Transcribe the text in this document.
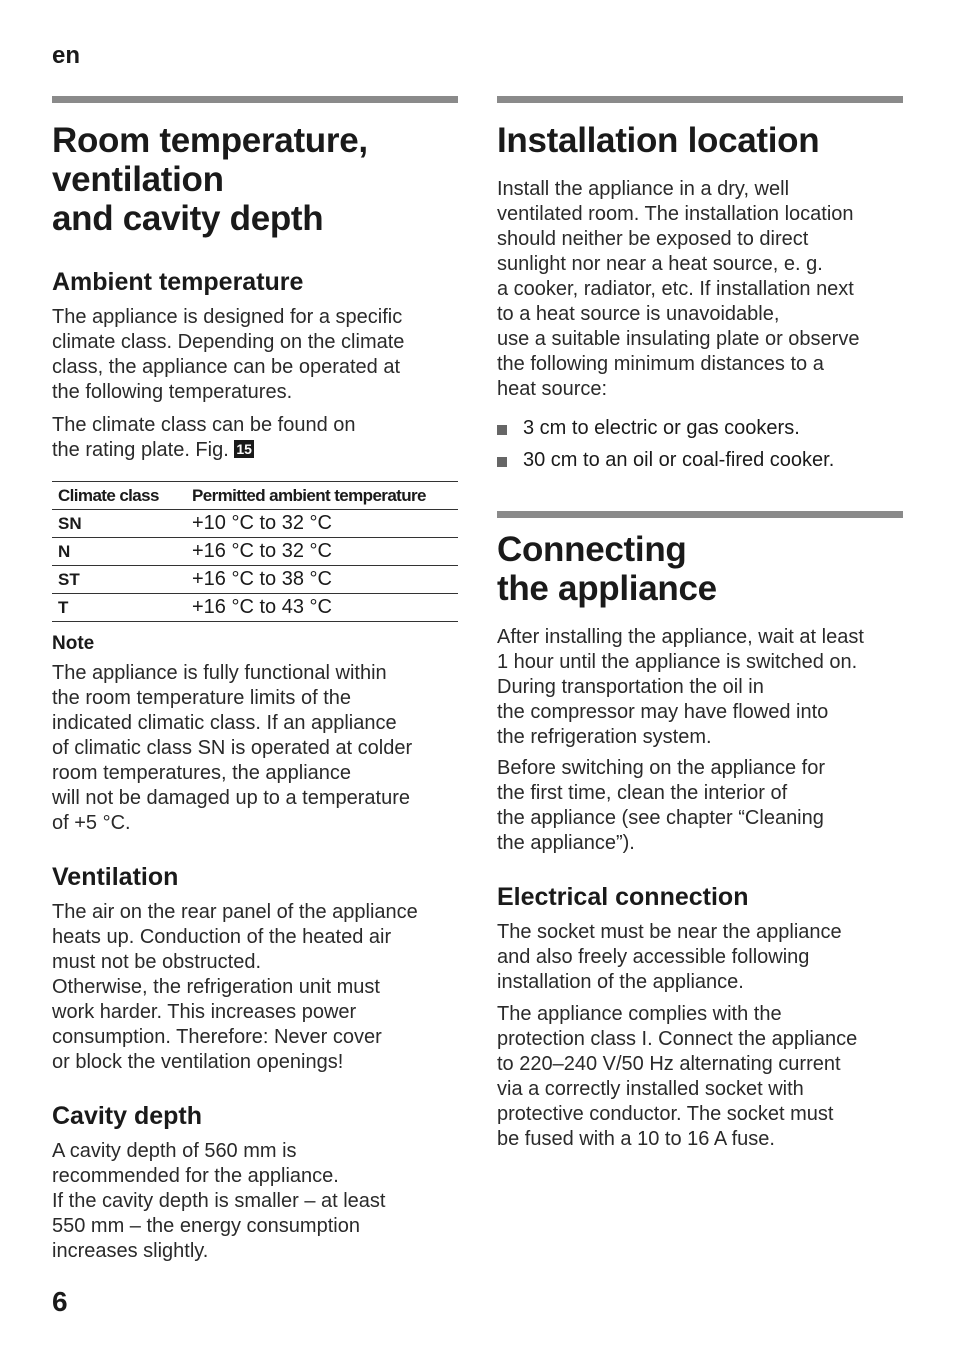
en
Room temperature,
ventilation
and cavity depth
Ambient temperature

The appliance is designed for a specific
climate class. Depending on the climate
class, the appliance can be operated at
the following temperatures.

The climate class can be found on
the rating plate. Fig. 15

Climate class	Permitted ambient temperature
SN	+10 °C to 32 °C
N	+16 °C to 32 °C
ST	+16 °C to 38 °C
T	+16 °C to 43 °C
Note

The appliance is fully functional within
the room temperature limits of the
indicated climatic class. If an appliance
of climatic class SN is operated at colder
room temperatures, the appliance
will not be damaged up to a temperature
of +5 °C.

Ventilation

The air on the rear panel of the appliance
heats up. Conduction of the heated air
must not be obstructed.
Otherwise, the refrigeration unit must
work harder. This increases power
consumption. Therefore: Never cover
or block the ventilation openings!

Cavity depth

A cavity depth of 560 mm is
recommended for the appliance.
If the cavity depth is smaller – at least
550 mm – the energy consumption
increases slightly.

Installation location

Install the appliance in a dry, well
ventilated room. The installation location
should neither be exposed to direct
sunlight nor near a heat source, e. g.
a cooker, radiator, etc. If installation next
to a heat source is unavoidable,
use a suitable insulating plate or observe
the following minimum distances to a
heat source:

3 cm to electric or gas cookers.
30 cm to an oil or coal-fired cooker.
Connecting
the appliance

After installing the appliance, wait at least
1 hour until the appliance is switched on.
During transportation the oil in
the compressor may have flowed into
the refrigeration system.

Before switching on the appliance for
the first time, clean the interior of
the appliance (see chapter “Cleaning
the appliance”).

Electrical connection

The socket must be near the appliance
and also freely accessible following
installation of the appliance.

The appliance complies with the
protection class I. Connect the appliance
to 220–240 V/50 Hz alternating current
via a correctly installed socket with
protective conductor. The socket must
be fused with a 10 to 16 A fuse.

6
